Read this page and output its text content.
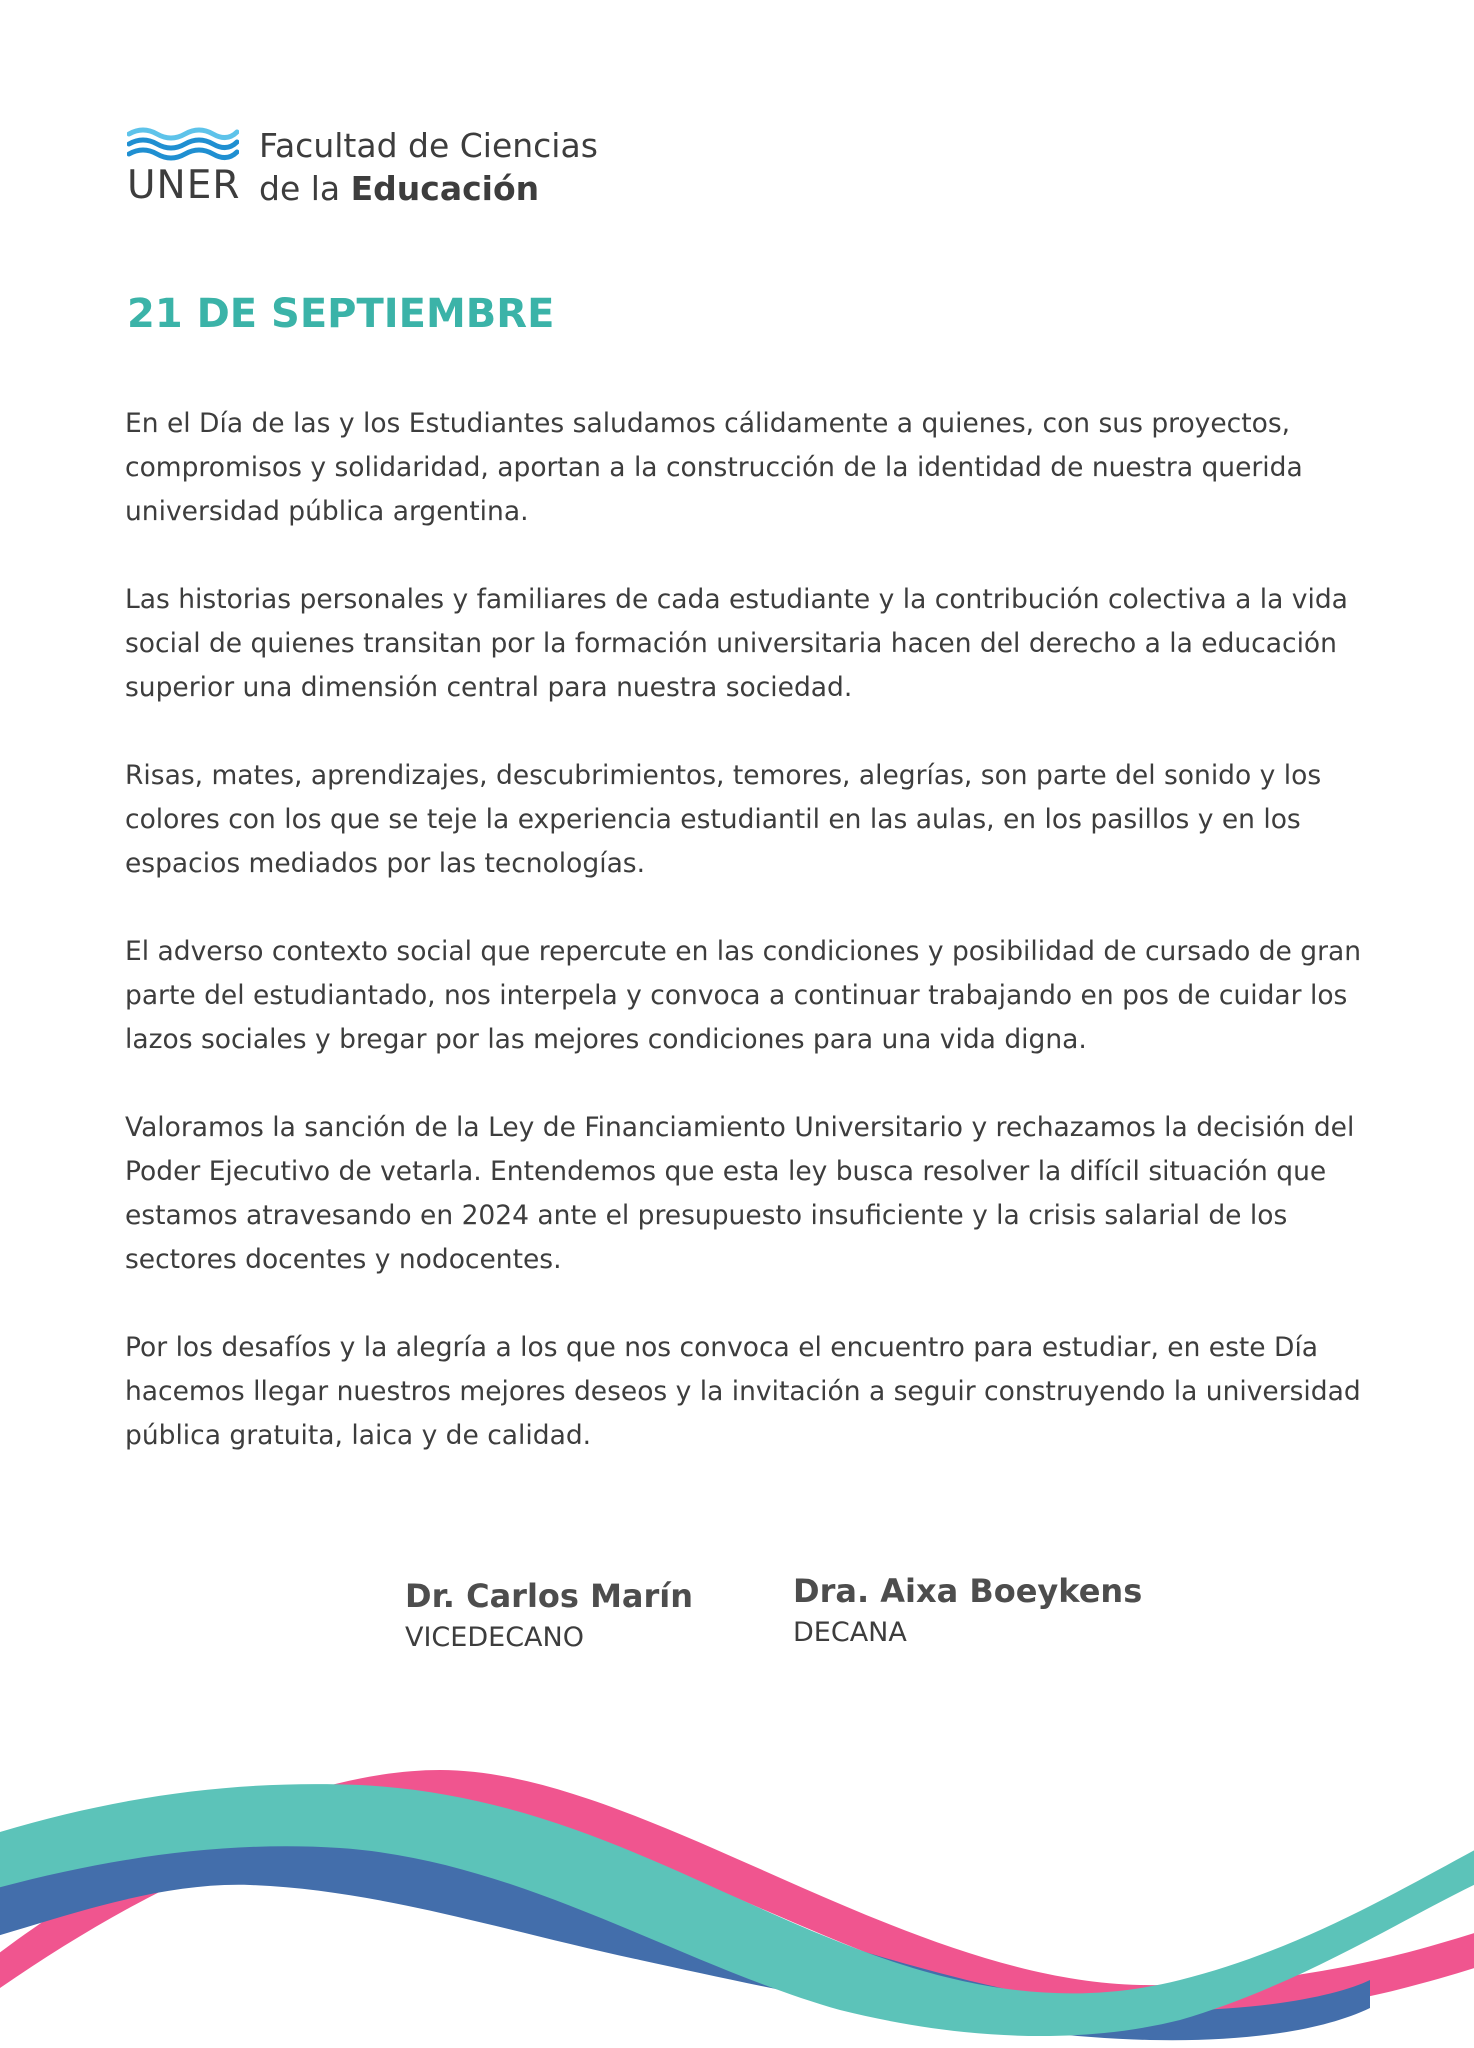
UNER
Facultad de Ciencias
de la Educación
21 DE SEPTIEMBRE

En el Día de las y los Estudiantes saludamos cálidamente a quienes, con sus proyectos, compromisos y solidaridad, aportan a la construcción de la identidad de nuestra querida universidad pública argentina.

Las historias personales y familiares de cada estudiante y la contribución colectiva a la vida social de quienes transitan por la formación universitaria hacen del derecho a la educación superior una dimensión central para nuestra sociedad.

Risas, mates, aprendizajes, descubrimientos, temores, alegrías, son parte del sonido y los colores con los que se teje la experiencia estudiantil en las aulas, en los pasillos y en los espacios mediados por las tecnologías.

El adverso contexto social que repercute en las condiciones y posibilidad de cursado de gran parte del estudiantado, nos interpela y convoca a continuar trabajando en pos de cuidar los lazos sociales y bregar por las mejores condiciones para una vida digna.

Valoramos la sanción de la Ley de Financiamiento Universitario y rechazamos la decisión del Poder Ejecutivo de vetarla. Entendemos que esta ley busca resolver la difícil situación que estamos atravesando en 2024 ante el presupuesto insuficiente y la crisis salarial de los sectores docentes y nodocentes.

Por los desafíos y la alegría a los que nos convoca el encuentro para estudiar, en este Día hacemos llegar nuestros mejores deseos y la invitación a seguir construyendo la universidad pública gratuita, laica y de calidad.

Dr. Carlos Marín
VICEDECANO
Dra. Aixa Boeykens
DECANA
